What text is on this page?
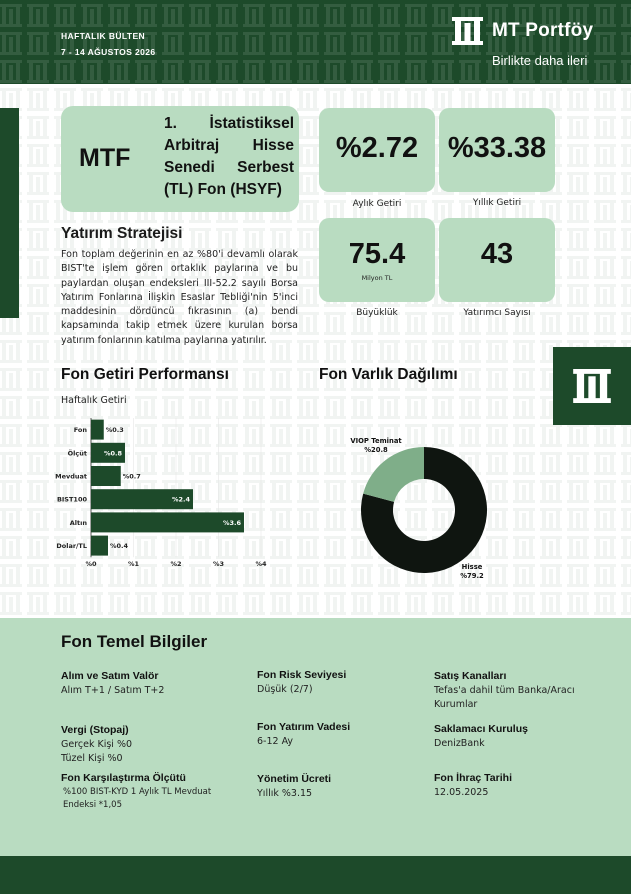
HAFTALIK BÜLTEN
7 - 14 AĞUSTOS 2026
MT Portföy
Birlikte daha ileri
MTF
1. İstatistiksel Arbitraj Hisse Senedi Serbest (TL) Fon (HSYF)
%2.72
Aylık Getiri
%33.38
Yıllık Getiri
75.4
Milyon TL
Büyüklük
43
Yatırımcı Sayısı
Yatırım Stratejisi
Fon toplam değerinin en az %80'i devamlı olarak BIST'te işlem gören ortaklık paylarına ve bu paylardan oluşan endeksleri III-52.2 sayılı Borsa Yatırım Fonlarına İlişkin Esaslar Tebliği'nin 5'inci maddesinin dördüncü fıkrasının (a) bendi kapsamında takip etmek üzere kurulan borsa yatırım fonlarının katılma paylarına yatırılır.
Fon Getiri Performansı
Haftalık Getiri
%0	%1	%2	%3	%4
Fon	%0.3
Ölçüt	%0.8
Mevduat	%0.7
BIST100	%2.4
Altın	%3.6
Dolar/TL	%0.4
Fon Varlık Dağılımı
Hisse
%79.2
VIOP Teminat
%20.8
Fon Temel Bilgiler
Alım ve Satım Valör
Alım T+1 / Satım T+2
Fon Risk Seviyesi
Düşük (2/7)
Satış Kanalları
Tefas'a dahil tüm Banka/Aracı Kurumlar
Vergi (Stopaj)
Gerçek Kişi %0
Tüzel Kişi %0
Fon Yatırım Vadesi
6-12 Ay
Saklamacı Kuruluş
DenizBank
Fon Karşılaştırma Ölçütü
%100 BIST-KYD 1 Aylık TL Mevduat Endeksi *1,05
Yönetim Ücreti
Yıllık %3.15
Fon İhraç Tarihi
12.05.2025
